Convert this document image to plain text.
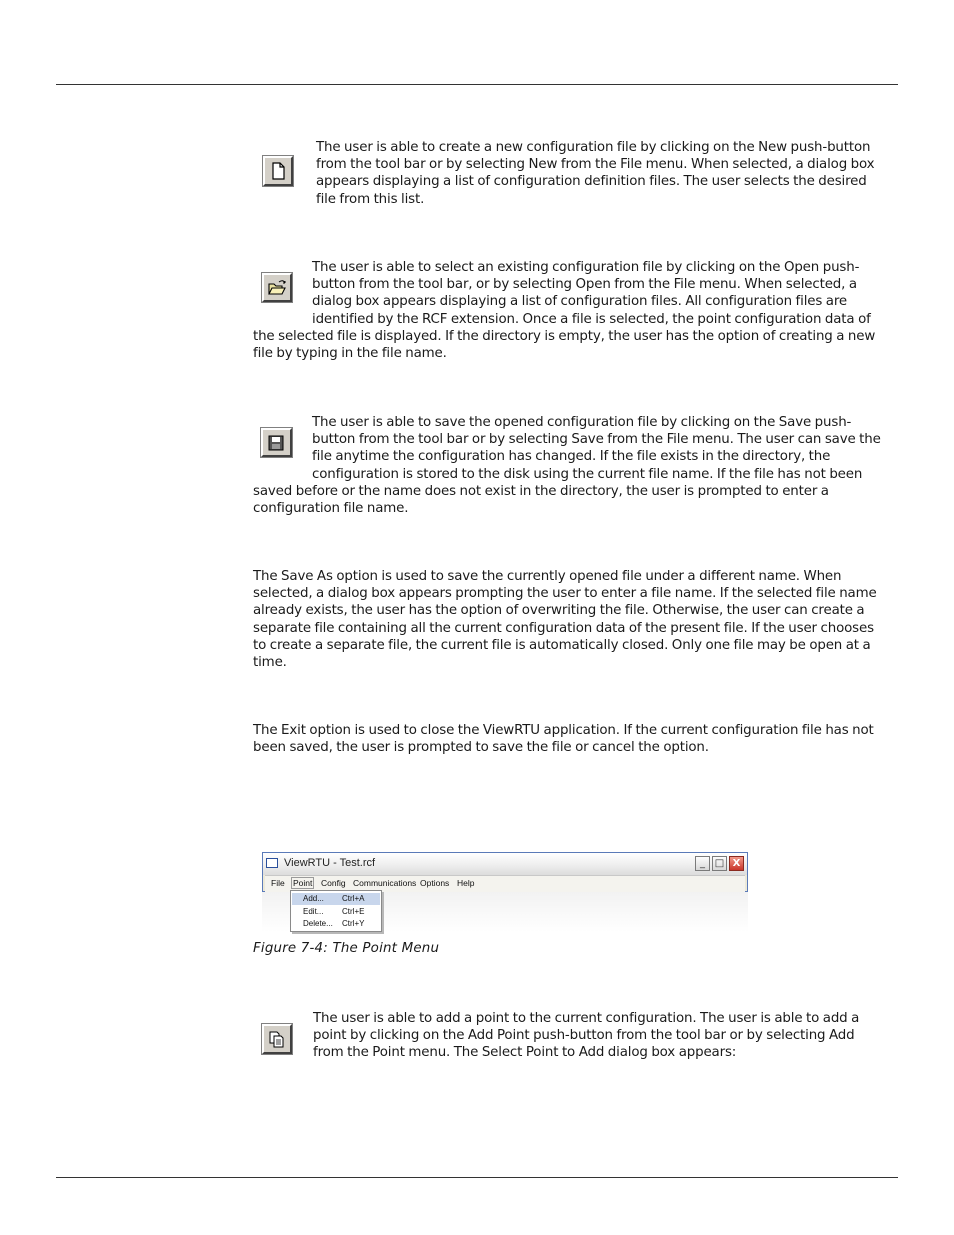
The user is able to create a new configuration file by clicking on the New push-button
from the tool bar or by selecting New from the File menu. When selected, a dialog box
appears displaying a list of configuration definition files. The user selects the desired
file from this list.

The user is able to select an existing configuration file by clicking on the Open push-
button from the tool bar, or by selecting Open from the File menu. When selected, a
dialog box appears displaying a list of configuration files. All configuration files are
identified by the RCF extension. Once a file is selected, the point configuration data of
the selected file is displayed. If the directory is empty, the user has the option of creating a new
file by typing in the file name.

The user is able to save the opened configuration file by clicking on the Save push-
button from the tool bar or by selecting Save from the File menu. The user can save the
file anytime the configuration has changed. If the file exists in the directory, the
configuration is stored to the disk using the current file name. If the file has not been
saved before or the name does not exist in the directory, the user is prompted to enter a
configuration file name.

The Save As option is used to save the currently opened file under a different name. When
selected, a dialog box appears prompting the user to enter a file name. If the selected file name
already exists, the user has the option of overwriting the file. Otherwise, the user can create a
separate file containing all the current configuration data of the present file. If the user chooses
to create a separate file, the current file is automatically closed. Only one file may be open at a
time.

The Exit option is used to close the ViewRTU application. If the current configuration file has not
been saved, the user is prompted to save the file or cancel the option.

ViewRTU - Test.rcf	_ □ X
File Point Config Communications Options Help
Add... Ctrl+A
Edit... Ctrl+E
Delete... Ctrl+Y
Figure 7-4: The Point Menu

The user is able to add a point to the current configuration. The user is able to add a
point by clicking on the Add Point push-button from the tool bar or by selecting Add
from the Point menu. The Select Point to Add dialog box appears:
